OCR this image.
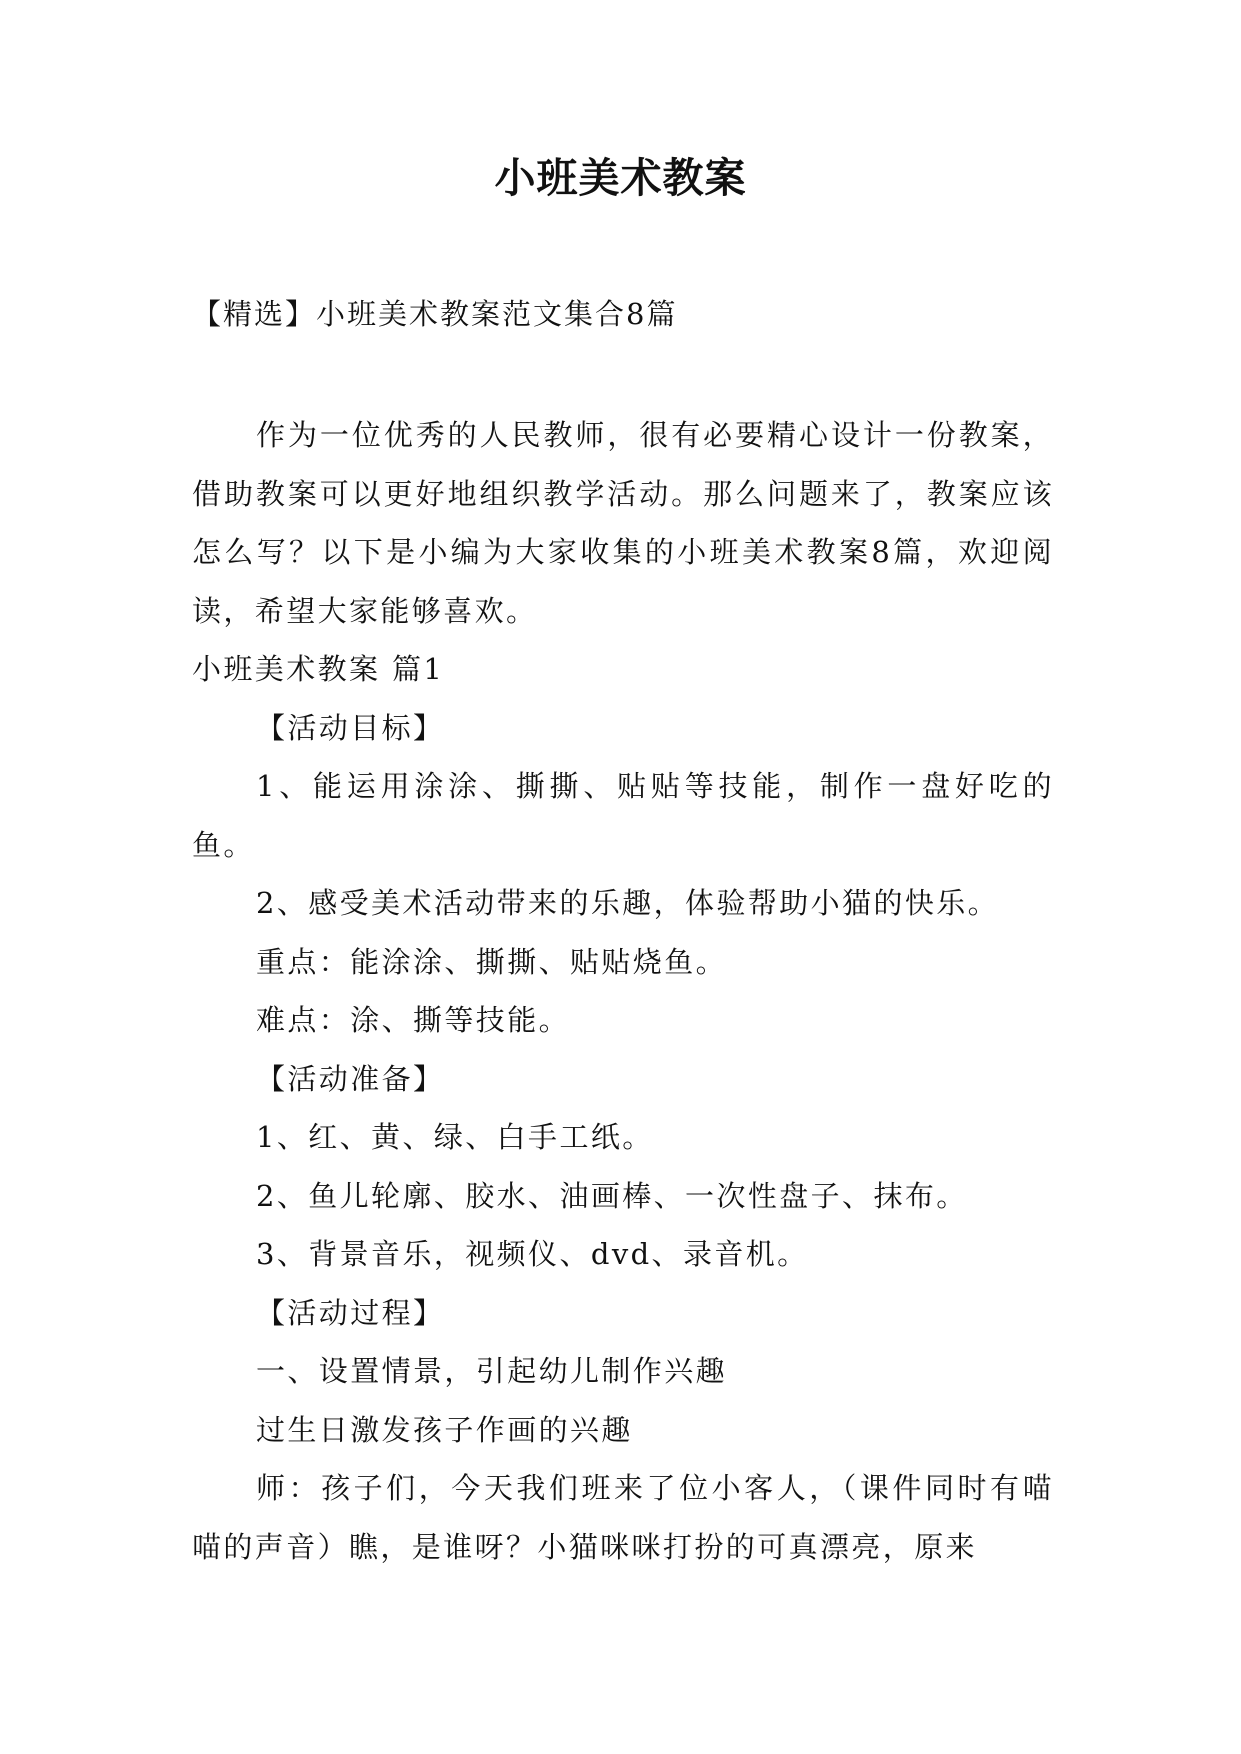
小班美术教案

【精选】小班美术教案范文集合8篇

作为一位优秀的人民教师，很有必要精心设计一份教案，借助教案可以更好地组织教学活动。那么问题来了，教案应该怎么写？以下是小编为大家收集的小班美术教案8篇，欢迎阅读，希望大家能够喜欢。

小班美术教案 篇1

【活动目标】

1、能运用涂涂、撕撕、贴贴等技能，制作一盘好吃的鱼。

2、感受美术活动带来的乐趣，体验帮助小猫的快乐。

重点：能涂涂、撕撕、贴贴烧鱼。

难点：涂、撕等技能。

【活动准备】

1、红、黄、绿、白手工纸。

2、鱼儿轮廓、胶水、油画棒、一次性盘子、抹布。

3、背景音乐，视频仪、dvd、录音机。

【活动过程】

一、设置情景，引起幼儿制作兴趣

过生日激发孩子作画的兴趣

师：孩子们，今天我们班来了位小客人，（课件同时有喵喵的声音）瞧，是谁呀？小猫咪咪打扮的可真漂亮，原来
